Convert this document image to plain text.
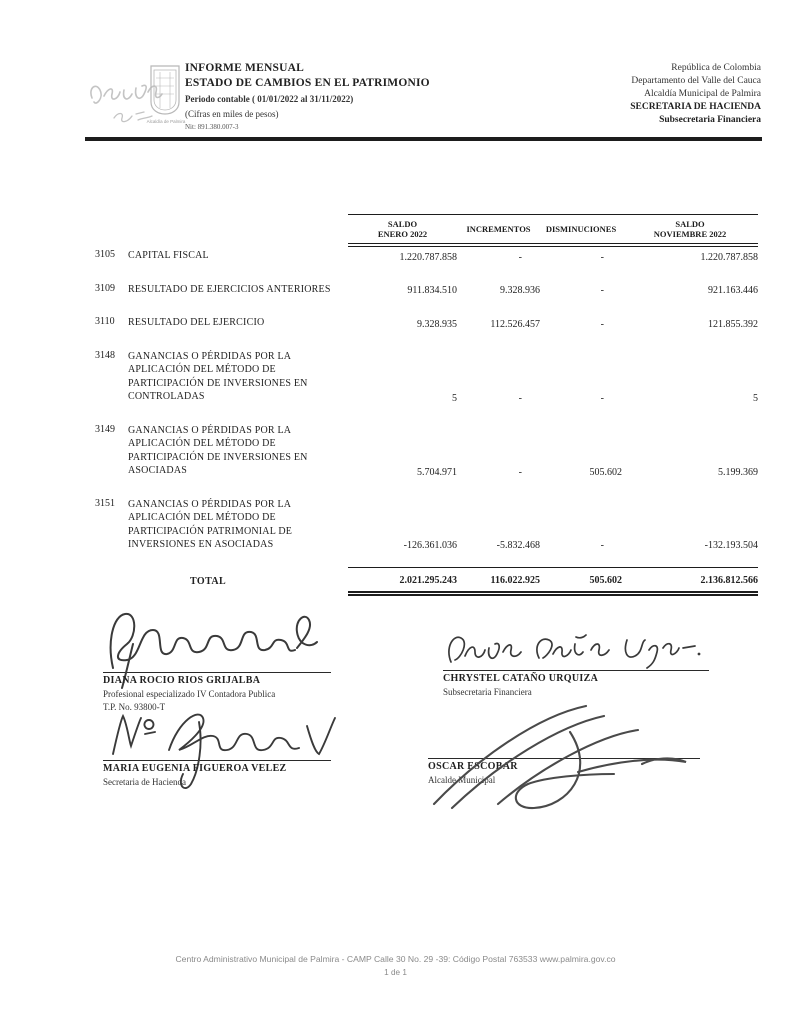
Alcaldía de Palmira
INFORME MENSUAL
ESTADO DE CAMBIOS EN EL PATRIMONIO
Periodo contable ( 01/01/2022 al 31/11/2022)
(Cifras en miles de pesos)
Nit: 891.380.007-3
República de Colombia
Departamento del Valle del Cauca
Alcaldía Municipal de Palmira
SECRETARIA DE HACIENDA
Subsecretaria Financiera

SALDO
ENERO 2022	INCREMENTOS	DISMINUCIONES	SALDO
NOVIEMBRE 2022

3105	CAPITAL FISCAL	1.220.787.858	-	-	1.220.787.858
3109	RESULTADO DE EJERCICIOS ANTERIORES	911.834.510	9.328.936	-	921.163.446
3110	RESULTADO DEL EJERCICIO	9.328.935	112.526.457	-	121.855.392
3148	GANANCIAS O PÉRDIDAS POR LA APLICACIÓN DEL MÉTODO DE PARTICIPACIÓN DE INVERSIONES EN CONTROLADAS	5	-	-	5
3149	GANANCIAS O PÉRDIDAS POR LA APLICACIÓN DEL MÉTODO DE PARTICIPACIÓN DE INVERSIONES EN ASOCIADAS	5.704.971	-	505.602	5.199.369
3151	GANANCIAS O PÉRDIDAS POR LA APLICACIÓN DEL MÉTODO DE PARTICIPACIÓN PATRIMONIAL DE INVERSIONES EN ASOCIADAS	-126.361.036	-5.832.468	-	-132.193.504
TOTAL		2.021.295.243	116.022.925	505.602	2.136.812.566
DIANA ROCIO RIOS GRIJALBA
Profesional especializado IV Contadora Publica
T.P. No. 93800-T
CHRYSTEL CATAÑO URQUIZA
Subsecretaria Financiera
MARIA EUGENIA FIGUEROA VELEZ
Secretaria de Hacienda
OSCAR ESCOBAR
Alcalde Municipal
Centro Administrativo Municipal de Palmira - CAMP Calle 30 No. 29 -39: Código Postal 763533 www.palmira.gov.co
1 de 1
